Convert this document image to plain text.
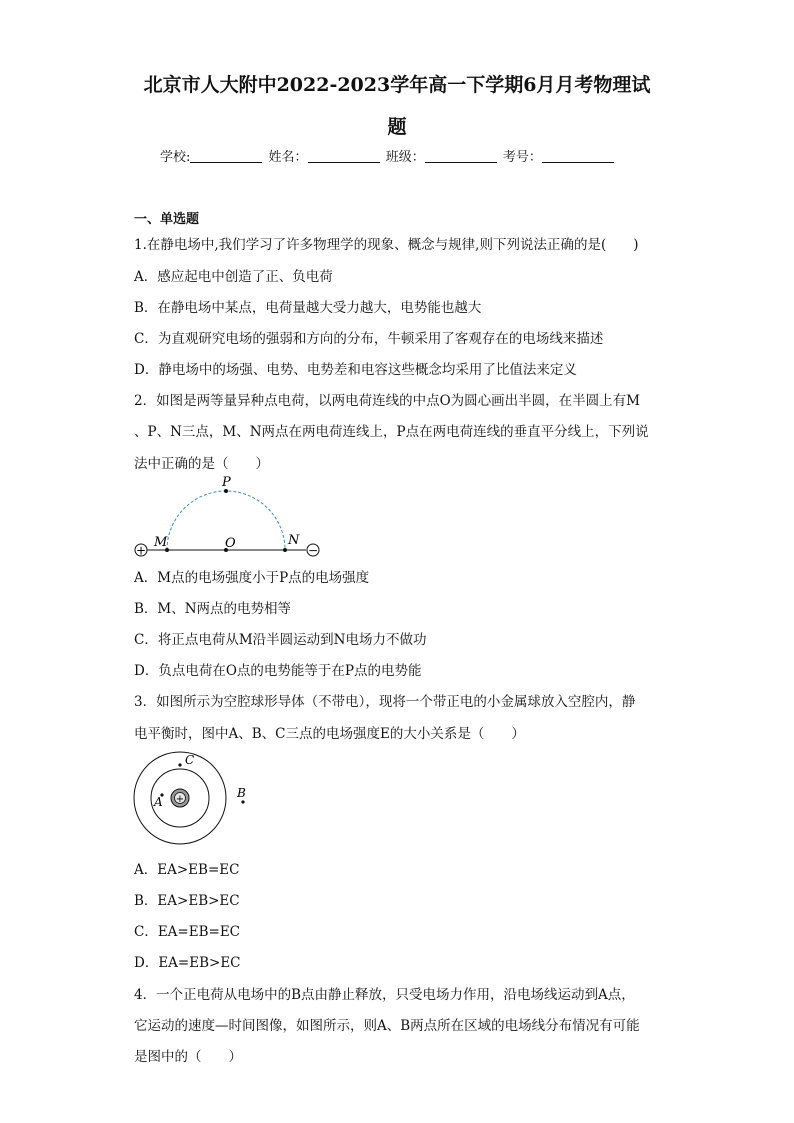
北京市人大附中2022-2023学年高一下学期6月月考物理试
题
学校:	姓名：	班级：	考号：
一、单选题
1.在静电场中,我们学习了许多物理学的现象、概念与规律,则下列说法正确的是(　　)
A．感应起电中创造了正、负电荷
B．在静电场中某点，电荷量越大受力越大，电势能也越大
C．为直观研究电场的强弱和方向的分布，牛顿采用了客观存在的电场线来描述
D．静电场中的场强、电势、电势差和电容这些概念均采用了比值法来定义
2．如图是两等量异种点电荷，以两电荷连线的中点O为圆心画出半圆，在半圆上有M
、P、N三点，M、N两点在两电荷连线上，P点在两电荷连线的垂直平分线上，下列说
法中正确的是（　　）
+	−
P
M	O	N
A．M点的电场强度小于P点的电场强度
B．M、N两点的电势相等
C．将正点电荷从M沿半圆运动到N电场力不做功
D．负点电荷在O点的电势能等于在P点的电势能
3．如图所示为空腔球形导体（不带电），现将一个带正电的小金属球放入空腔内，静
电平衡时，图中A、B、C三点的电场强度E的大小关系是（　　）
+
C
A
B
A．EA>EB=EC
B．EA>EB>EC
C．EA=EB=EC
D．EA=EB>EC
4．一个正电荷从电场中的B点由静止释放，只受电场力作用，沿电场线运动到A点，
它运动的速度—时间图像，如图所示，则A、B两点所在区域的电场线分布情况有可能
是图中的（　　）
